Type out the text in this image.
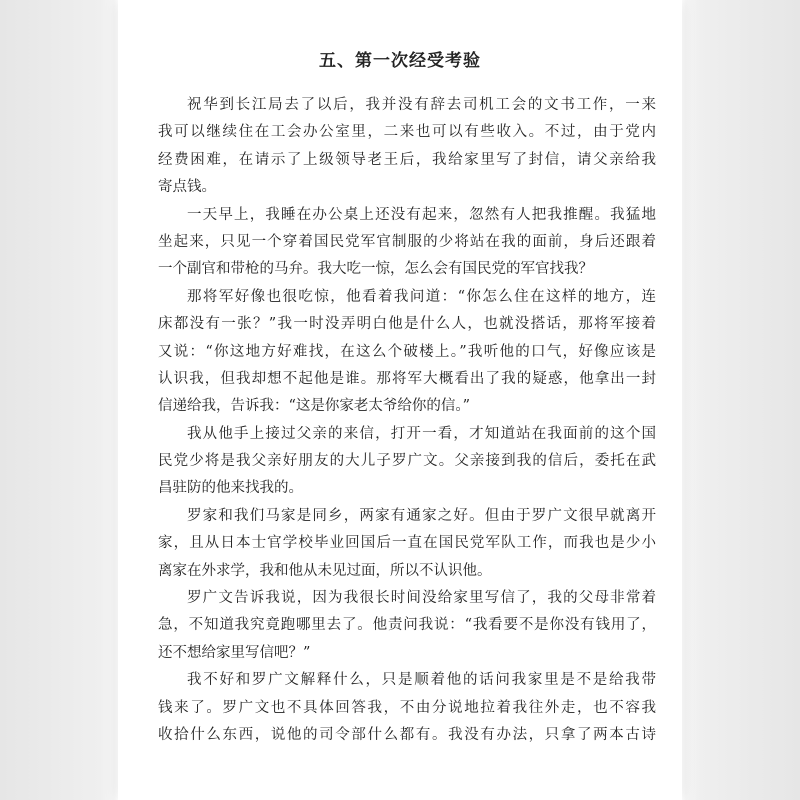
五、第一次经受考验

祝华到长江局去了以后，我并没有辞去司机工会的文书工作，一来
我可以继续住在工会办公室里，二来也可以有些收入。不过，由于党内
经费困难，在请示了上级领导老王后，我给家里写了封信，请父亲给我
寄点钱。

一天早上，我睡在办公桌上还没有起来，忽然有人把我推醒。我猛地
坐起来，只见一个穿着国民党军官制服的少将站在我的面前，身后还跟着
一个副官和带枪的马弁。我大吃一惊，怎么会有国民党的军官找我？

那将军好像也很吃惊，他看着我问道：“你怎么住在这样的地方，连
床都没有一张？”我一时没弄明白他是什么人，也就没搭话，那将军接着
又说：“你这地方好难找，在这么个破楼上。”我听他的口气，好像应该是
认识我，但我却想不起他是谁。那将军大概看出了我的疑惑，他拿出一封
信递给我，告诉我：“这是你家老太爷给你的信。”

我从他手上接过父亲的来信，打开一看，才知道站在我面前的这个国
民党少将是我父亲好朋友的大儿子罗广文。父亲接到我的信后，委托在武
昌驻防的他来找我的。

罗家和我们马家是同乡，两家有通家之好。但由于罗广文很早就离开
家，且从日本士官学校毕业回国后一直在国民党军队工作，而我也是少小
离家在外求学，我和他从未见过面，所以不认识他。

罗广文告诉我说，因为我很长时间没给家里写信了，我的父母非常着
急，不知道我究竟跑哪里去了。他责问我说：“我看要不是你没有钱用了，
还不想给家里写信吧？”

我不好和罗广文解释什么，只是顺着他的话问我家里是不是给我带
钱来了。罗广文也不具体回答我，不由分说地拉着我往外走，也不容我
收拾什么东西，说他的司令部什么都有。我没有办法，只拿了两本古诗
